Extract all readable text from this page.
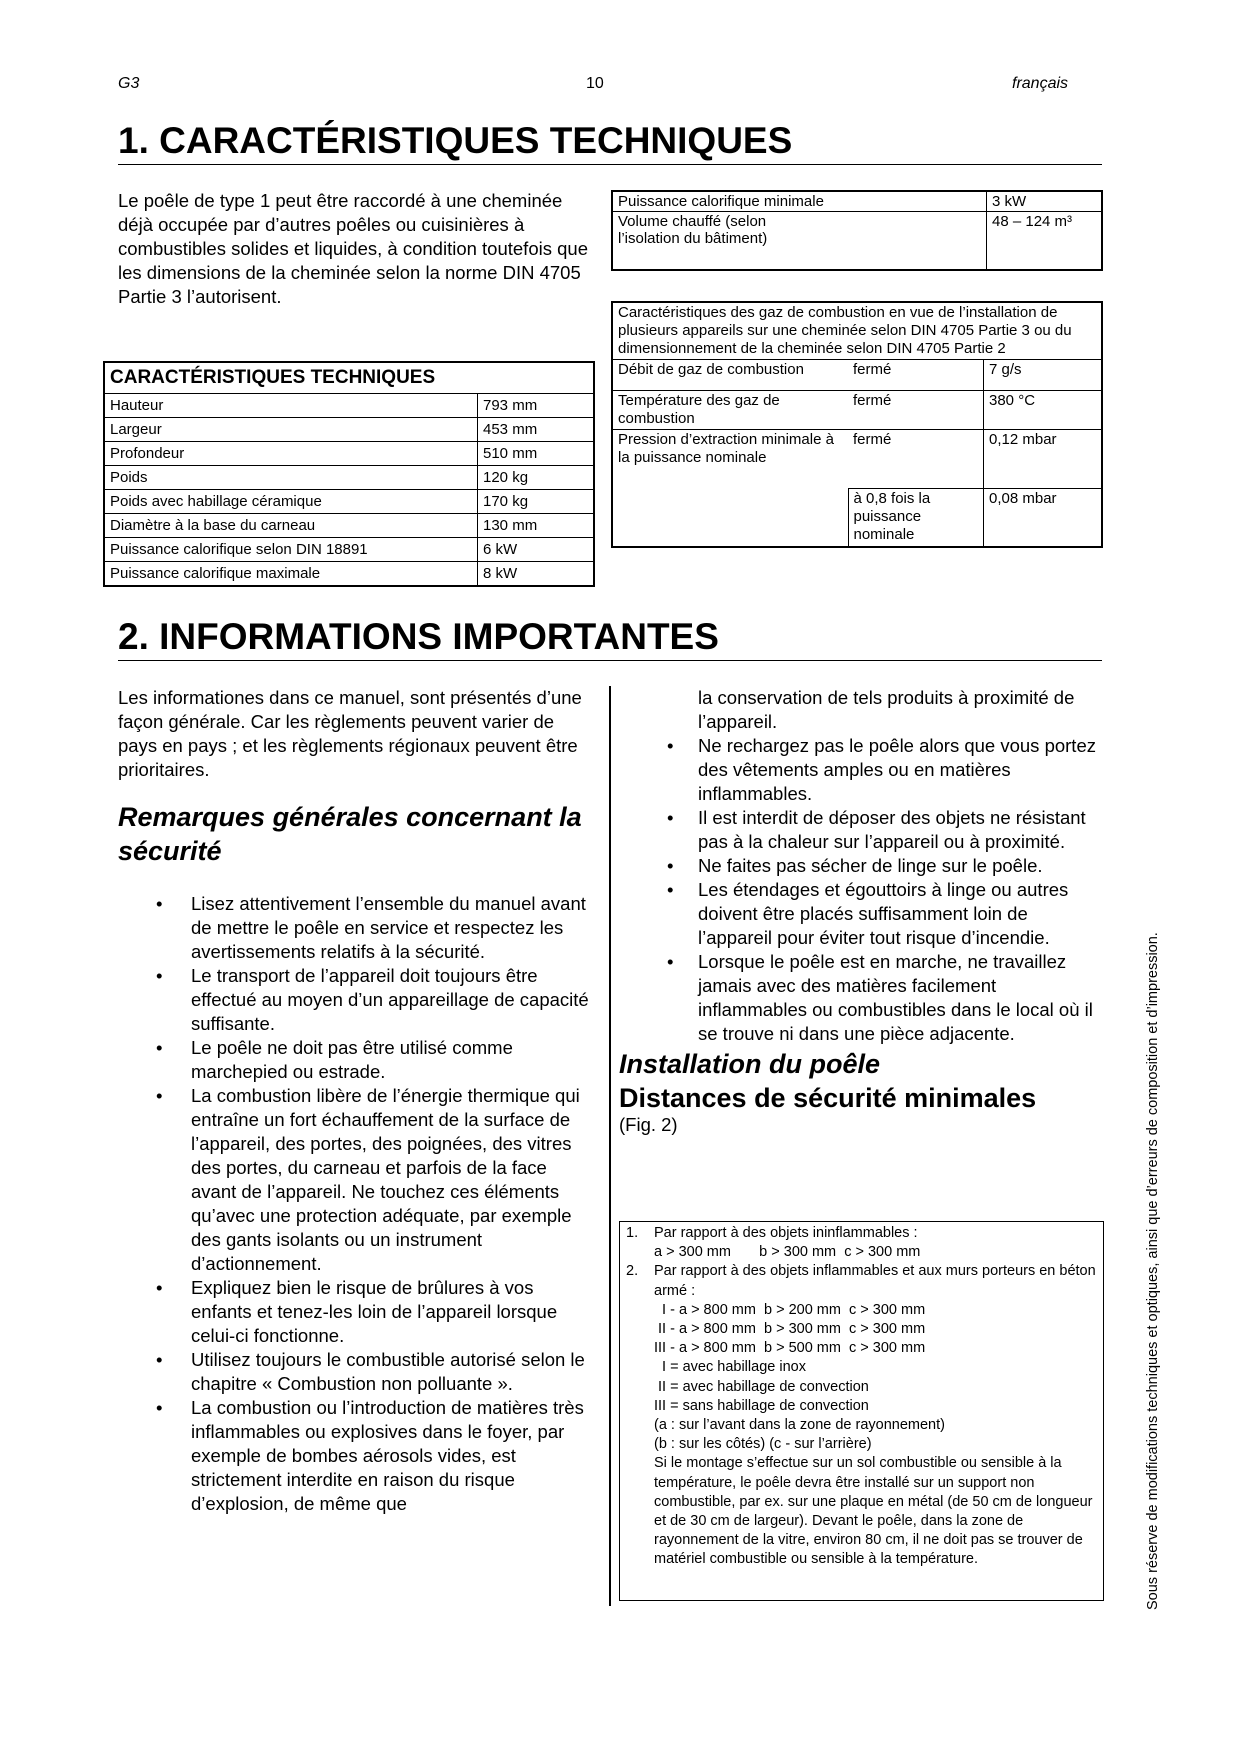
G3	10	français
1. CARACTÉRISTIQUES TECHNIQUES
Le poêle de type 1 peut être raccordé à une cheminée déjà occupée par d’autres poêles ou cuisinières à combustibles solides et liquides, à condition toutefois que les dimensions de la cheminée selon la norme DIN 4705 Partie 3 l’autorisent.
CARACTÉRISTIQUES TECHNIQUES	
Hauteur	793 mm
Largeur	453 mm
Profondeur	510 mm
Poids	120 kg
Poids avec habillage céramique	170 kg
Diamètre à la base du carneau	130 mm
Puissance calorifique selon DIN 18891	6 kW
Puissance calorifique maximale	8 kW
Puissance calorifique minimale	3 kW
Volume chauffé (selon
l’isolation du bâtiment)	48 – 124 m³
Caractéristiques des gaz de combustion en vue de l’installation de plusieurs appareils sur une cheminée selon DIN 4705 Partie 3 ou du dimensionnement de la cheminée selon DIN 4705 Partie 2		
Débit de gaz de combustion	fermé	7 g/s
Température des gaz de combustion	fermé	380 °C
Pression d’extraction minimale à la puissance nominale	fermé	0,12 mbar
	à 0,8 fois la puissance nominale	0,08 mbar
2. INFORMATIONS IMPORTANTES
Les informationes dans ce manuel, sont présentés d’une façon générale. Car les règlements peuvent varier de pays en pays ; et les règlements régionaux peuvent être prioritaires.
Remarques générales concernant la sécurité
• Lisez attentivement l’ensemble du manuel avant de mettre le poêle en service et respectez les avertissements relatifs à la sécurité.
• Le transport de l’appareil doit toujours être effectué au moyen d’un appareillage de capacité suffisante.
• Le poêle ne doit pas être utilisé comme marchepied ou estrade.
• La combustion libère de l’énergie thermique qui entraîne un fort échauffement de la surface de l’appareil, des portes, des poignées, des vitres des portes, du carneau et parfois de la face avant de l’appareil. Ne touchez ces éléments qu’avec une protection adéquate, par exemple des gants isolants ou un instrument d’actionnement.
• Expliquez bien le risque de brûlures à vos enfants et tenez-les loin de l’appareil lorsque celui-ci fonctionne.
• Utilisez toujours le combustible autorisé selon le chapitre « Combustion non polluante ».
• La combustion ou l’introduction de matières très inflammables ou explosives dans le foyer, par exemple de bombes aérosols vides, est strictement interdite en raison du risque d’explosion, de même que
la conservation de tels produits à proximité de l’appareil.
• Ne rechargez pas le poêle alors que vous portez des vêtements amples ou en matières inflammables.
• Il est interdit de déposer des objets ne résistant pas à la chaleur sur l’appareil ou à proximité.
• Ne faites pas sécher de linge sur le poêle.
• Les étendages et égouttoirs à linge ou autres doivent être placés suffisamment loin de l’appareil pour éviter tout risque d’incendie.
• Lorsque le poêle est en marche, ne travaillez jamais avec des matières facilement inflammables ou combustibles dans le local où il se trouve ni dans une pièce adjacente.
Installation du poêle
Distances de sécurité minimales
(Fig. 2)
1. Par rapport à des objets ininflammables :
a > 300 mm       b > 300 mm  c > 300 mm
2. Par rapport à des objets inflammables et aux murs porteurs en béton armé :
I - a > 800 mm  b > 200 mm  c > 300 mm
II - a > 800 mm  b > 300 mm  c > 300 mm
III - a > 800 mm  b > 500 mm  c > 300 mm
I = avec habillage inox
II = avec habillage de convection
III = sans habillage de convection
(a : sur l’avant dans la zone de rayonnement)
(b : sur les côtés) (c - sur l’arrière)
Si le montage s’effectue sur un sol combustible ou sensible à la température, le poêle devra être installé sur un support non combustible, par ex. sur une plaque en métal (de 50 cm de longueur et de 30 cm de largeur). Devant le poêle, dans la zone de rayonnement de la vitre, environ 80 cm, il ne doit pas se trouver de matériel combustible ou sensible à la température.	Sous réserve de modifications techniques et optiques, ainsi que d’erreurs de composition et d’impression.
